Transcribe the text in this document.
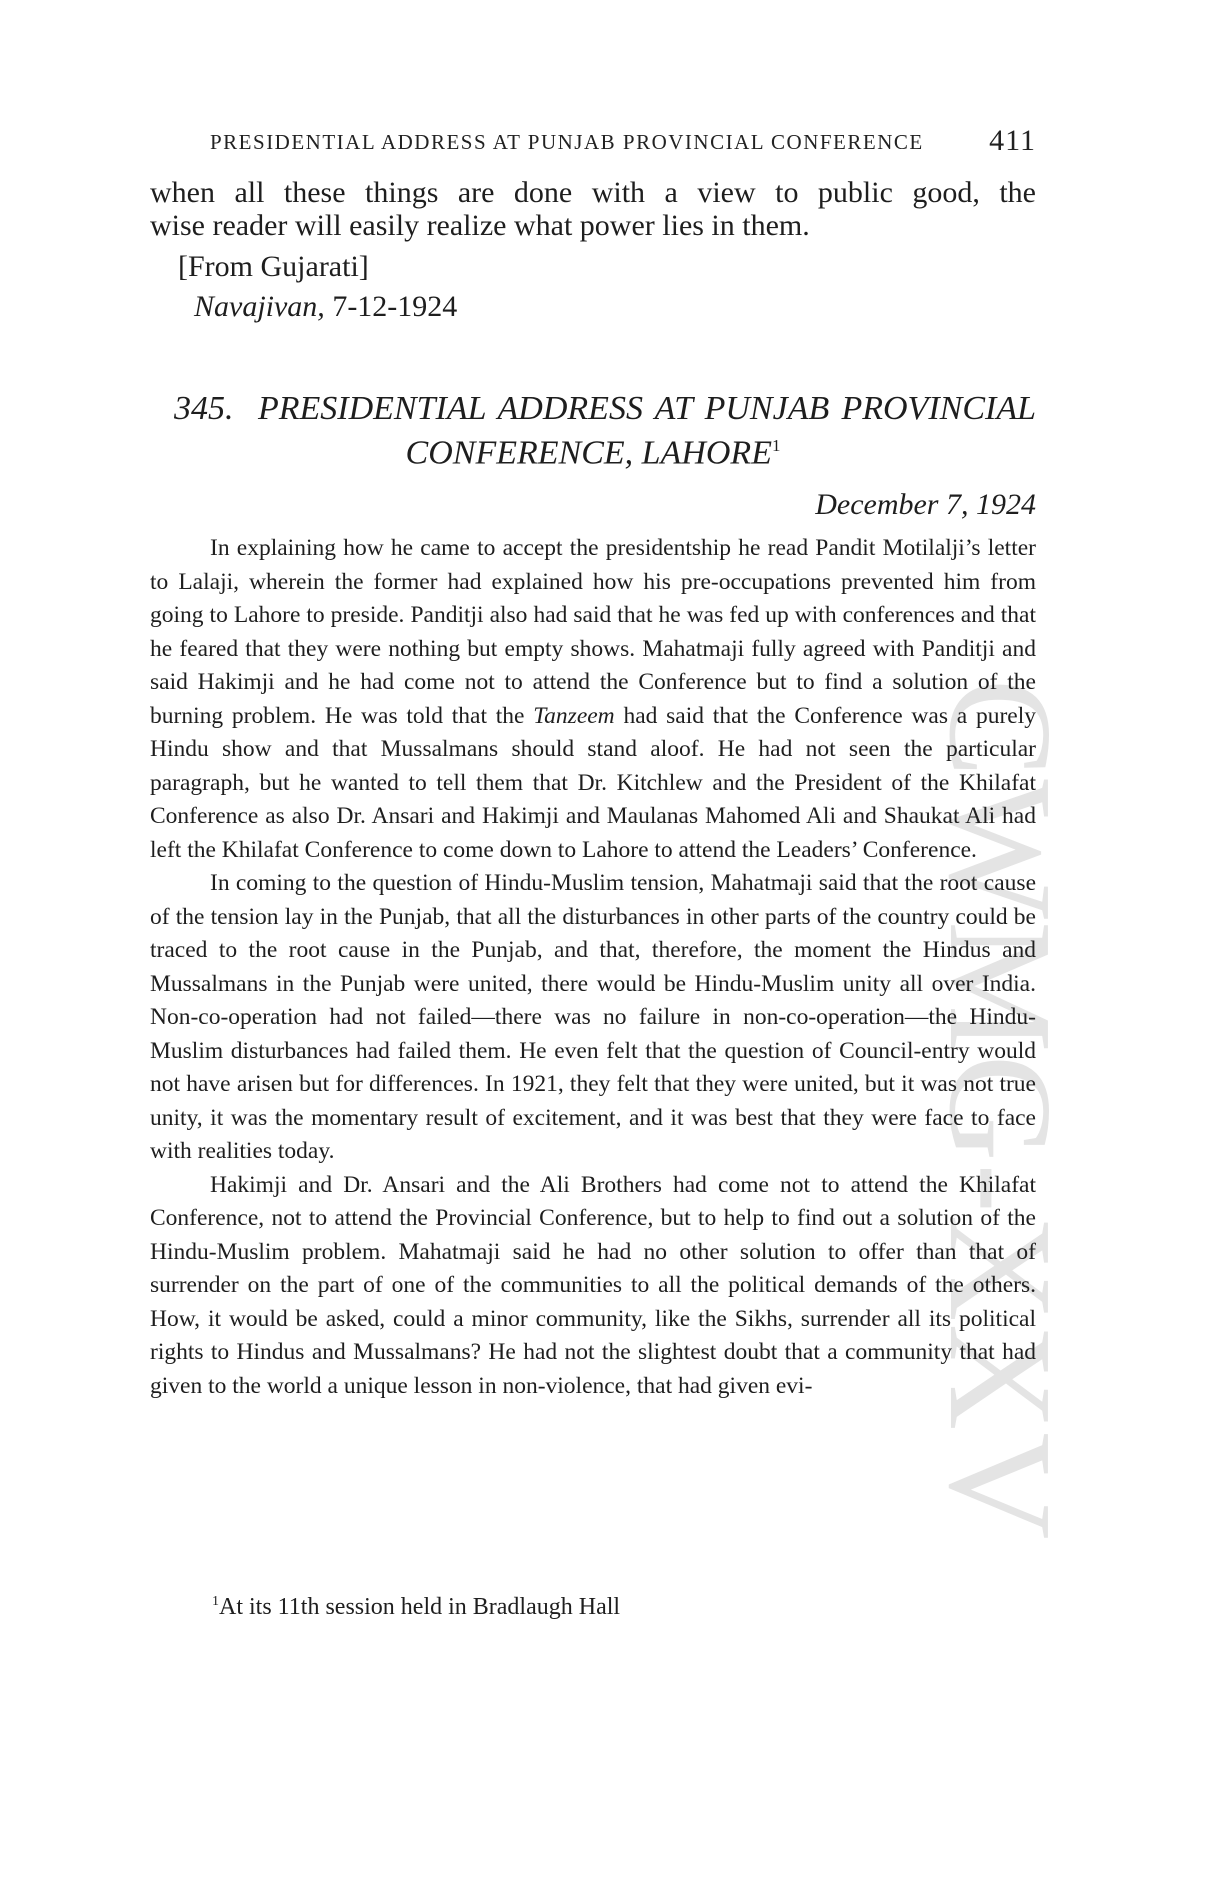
CWMG-XXV
PRESIDENTIAL ADDRESS AT PUNJAB PROVINCIAL CONFERENCE 411

when all these things are done with a view to public good, the

wise reader will easily realize what power lies in them.

[From Gujarati]
Navajivan, 7-12-1924
345. PRESIDENTIAL ADDRESS AT PUNJAB PROVINCIAL
CONFERENCE, LAHORE$^1$
December 7, 1924

In explaining how he came to accept the presidentship he read Pandit Motilalji’s letter to Lalaji, wherein the former had explained how his pre-occupations prevented him from going to Lahore to preside. Panditji also had said that he was fed up with conferences and that he feared that they were nothing but empty shows. Mahatmaji fully agreed with Panditji and said Hakimji and he had come not to attend the Conference but to find a solution of the burning problem. He was told that the Tanzeem had said that the Conference was a purely Hindu show and that Mussalmans should stand aloof. He had not seen the particular paragraph, but he wanted to tell them that Dr. Kitchlew and the President of the Khilafat Conference as also Dr. Ansari and Hakimji and Maulanas Mahomed Ali and Shaukat Ali had left the Khilafat Conference to come down to Lahore to attend the Leaders’ Conference.

In coming to the question of Hindu-Muslim tension, Mahatmaji said that the root cause of the tension lay in the Punjab, that all the disturbances in other parts of the country could be traced to the root cause in the Punjab, and that, therefore, the moment the Hindus and Mussalmans in the Punjab were united, there would be Hindu-Muslim unity all over India. Non-co-operation had not failed—there was no failure in non-co-operation—the Hindu-Muslim disturbances had failed them. He even felt that the question of Council-entry would not have arisen but for differences. In 1921, they felt that they were united, but it was not true unity, it was the momentary result of excitement, and it was best that they were face to face with realities today.

Hakimji and Dr. Ansari and the Ali Brothers had come not to attend the Khilafat Conference, not to attend the Provincial Conference, but to help to find out a solution of the Hindu-Muslim problem. Mahatmaji said he had no other solution to offer than that of surrender on the part of one of the communities to all the political demands of the others. How, it would be asked, could a minor community, like the Sikhs, surrender all its political rights to Hindus and Mussalmans? He had not the slightest doubt that a community that had given to the world a unique lesson in non-violence, that had given evi-

$^1$At its 11th session held in Bradlaugh Hall
